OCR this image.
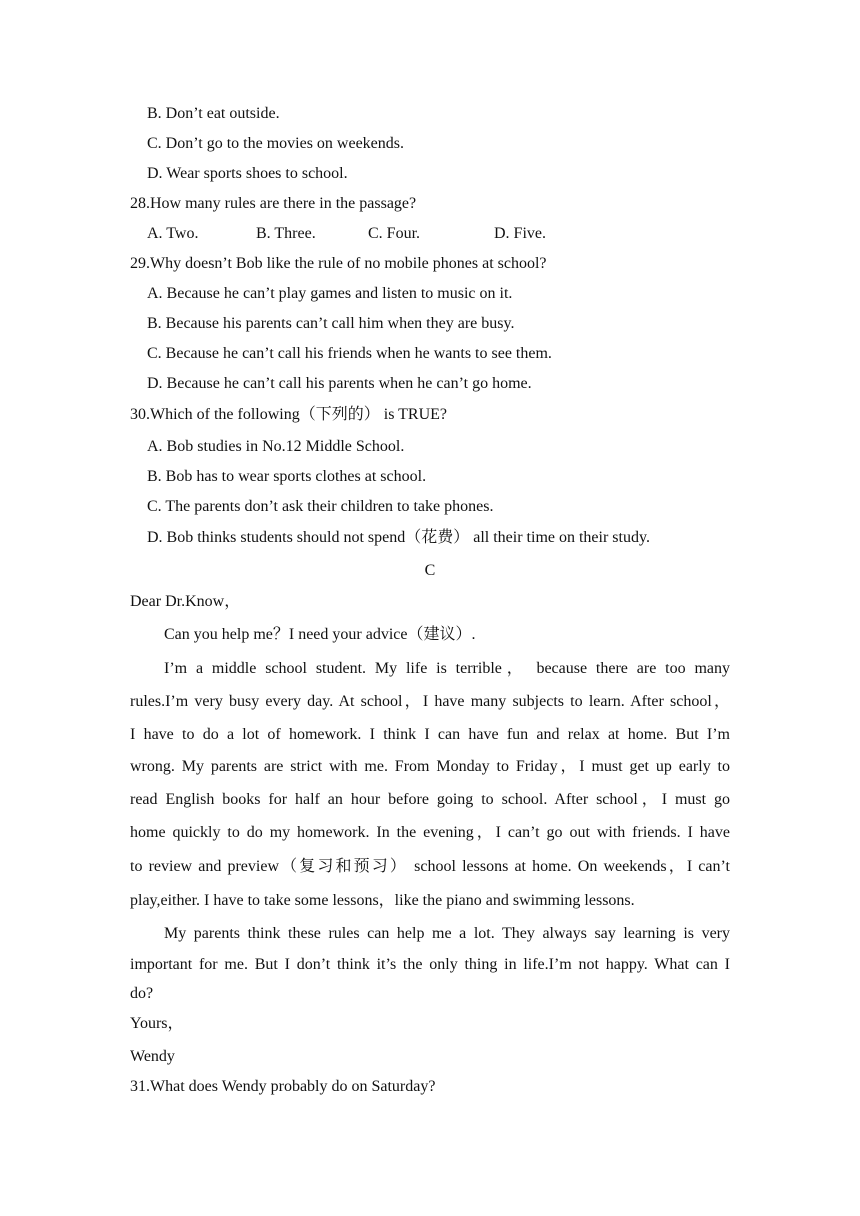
B. Don’t eat outside.
C. Don’t go to the movies on weekends.
D. Wear sports shoes to school.
28.How many rules are there in the passage?
A. Two.	B. Three.	C. Four.	D. Five.
29.Why doesn’t Bob like the rule of no mobile phones at school?
A. Because he can’t play games and listen to music on it.
B. Because his parents can’t call him when they are busy.
C. Because he can’t call his friends when he wants to see them.
D. Because he can’t call his parents when he can’t go home.
30.Which of the following（下列的） is TRUE?
A. Bob studies in No.12 Middle School.
B. Bob has to wear sports clothes at school.
C. The parents don’t ask their children to take phones.
D. Bob thinks students should not spend（花费） all their time on their study.
C
Dear Dr.Know，
Can you help me？I need your advice（建议）.
I’m a middle school student. My life is terrible， because there are too many
rules.I’m very busy every day. At school，I have many subjects to learn. After school，
I have to do a lot of homework. I think I can have fun and relax at home. But I’m
wrong. My parents are strict with me. From Monday to Friday，I must get up early to
read English books for half an hour before going to school. After school，I must go
home quickly to do my homework. In the evening，I can’t go out with friends. I have
to review and preview（复习和预习） school lessons at home. On weekends，I can’t
play,either. I have to take some lessons，like the piano and swimming lessons.
My parents think these rules can help me a lot. They always say learning is very
important for me. But I don’t think it’s the only thing in life.I’m not happy. What can I
do?
Yours，
Wendy
31.What does Wendy probably do on Saturday?
